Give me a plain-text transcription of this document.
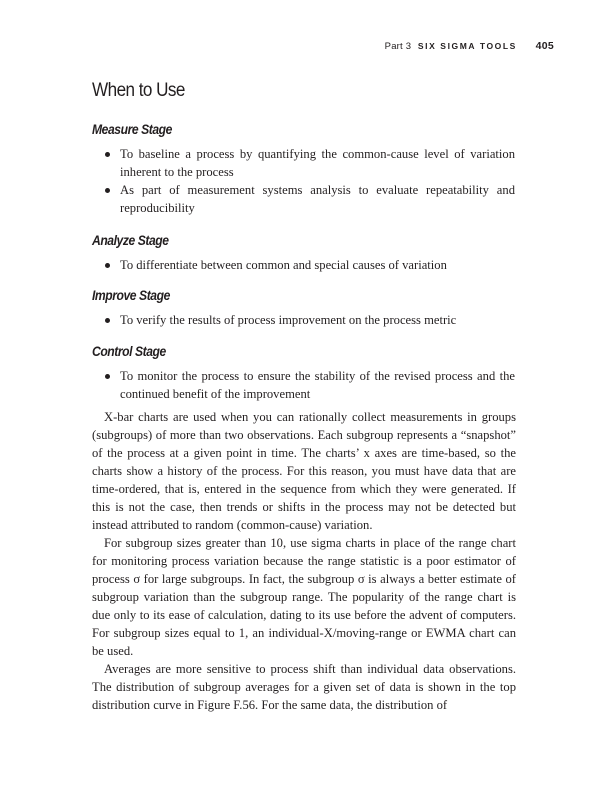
Part 3 SIX SIGMA TOOLS 405
When to Use
Measure Stage
To baseline a process by quantifying the common-cause level of variation inherent to the process
As part of measurement systems analysis to evaluate repeatability and reproducibility
Analyze Stage
To differentiate between common and special causes of variation
Improve Stage
To verify the results of process improvement on the process metric
Control Stage
To monitor the process to ensure the stability of the revised process and the continued benefit of the improvement

X-bar charts are used when you can rationally collect measurements in groups (subgroups) of more than two observations. Each subgroup represents a “snapshot” of the process at a given point in time. The charts’ x axes are time-based, so the charts show a history of the process. For this reason, you must have data that are time-ordered, that is, entered in the sequence from which they were generated. If this is not the case, then trends or shifts in the process may not be detected but instead attributed to random (common-cause) variation.

For subgroup sizes greater than 10, use sigma charts in place of the range chart for monitoring process variation because the range statistic is a poor estimator of process σ for large subgroups. In fact, the subgroup σ is always a better estimate of subgroup variation than the subgroup range. The popularity of the range chart is due only to its ease of calculation, dating to its use before the advent of computers. For subgroup sizes equal to 1, an individual-X/moving-range or EWMA chart can be used.

Averages are more sensitive to process shift than individual data observations. The distribution of subgroup averages for a given set of data is shown in the top distribution curve in Figure F.56. For the same data, the distribution of
